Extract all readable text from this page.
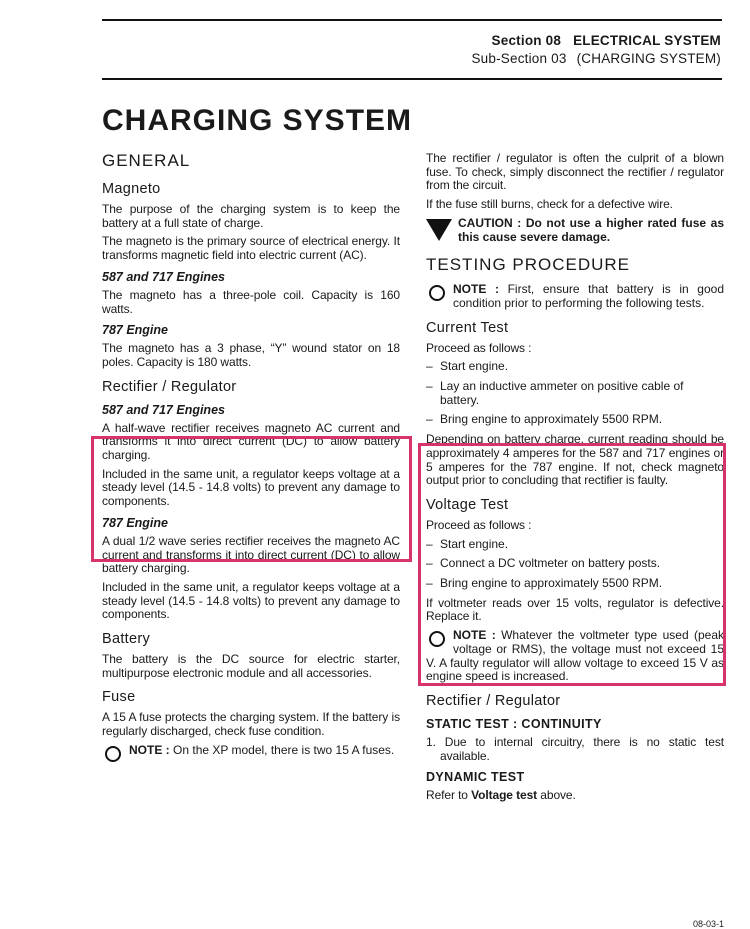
Section 08 ELECTRICAL SYSTEM
Sub-Section 03 (CHARGING SYSTEM)
CHARGING SYSTEM
GENERAL
Magneto

The purpose of the charging system is to keep the battery at a full state of charge.

The magneto is the primary source of electrical energy. It transforms magnetic field into electric current (AC).

587 and 717 Engines

The magneto has a three-pole coil. Capacity is 160 watts.

787 Engine

The magneto has a 3 phase, “Y” wound stator on 18 poles. Capacity is 180 watts.

Rectifier / Regulator
587 and 717 Engines

A half-wave rectifier receives magneto AC current and transforms it into direct current (DC) to allow battery charging.

Included in the same unit, a regulator keeps voltage at a steady level (14.5 - 14.8 volts) to prevent any damage to components.

787 Engine

A dual 1/2 wave series rectifier receives the magneto AC current and transforms it into direct current (DC) to allow battery charging.

Included in the same unit, a regulator keeps voltage at a steady level (14.5 - 14.8 volts) to prevent any damage to components.

Battery

The battery is the DC source for electric starter, multipurpose electronic module and all accessories.

Fuse

A 15 A fuse protects the charging system. If the battery is regularly discharged, check fuse condition.

NOTE : On the XP model, there is two 15 A fuses.

The rectifier / regulator is often the culprit of a blown fuse. To check, simply disconnect the rectifier / regulator from the circuit.

If the fuse still burns, check for a defective wire.

CAUTION : Do not use a higher rated fuse as this cause severe damage.
TESTING PROCEDURE
NOTE : First, ensure that battery is in good condition prior to performing the following tests.
Current Test

Proceed as follows :

– Start engine.
– Lay an inductive ammeter on positive cable of battery.
– Bring engine to approximately 5500 RPM.

Depending on battery charge, current reading should be approximately 4 amperes for the 587 and 717 engines or 5 amperes for the 787 engine. If not, check magneto output prior to concluding that rectifier is faulty.

Voltage Test

Proceed as follows :

– Start engine.
– Connect a DC voltmeter on battery posts.
– Bring engine to approximately 5500 RPM.

If voltmeter reads over 15 volts, regulator is defective. Replace it.

NOTE : Whatever the voltmeter type used (peak voltage or RMS), the voltage must not exceed 15 V. A faulty regulator will allow voltage to exceed 15 V as engine speed is increased.
Rectifier / Regulator
STATIC TEST : CONTINUITY

1. Due to internal circuitry, there is no static test available.

DYNAMIC TEST

Refer to Voltage test above.

08-03-1
